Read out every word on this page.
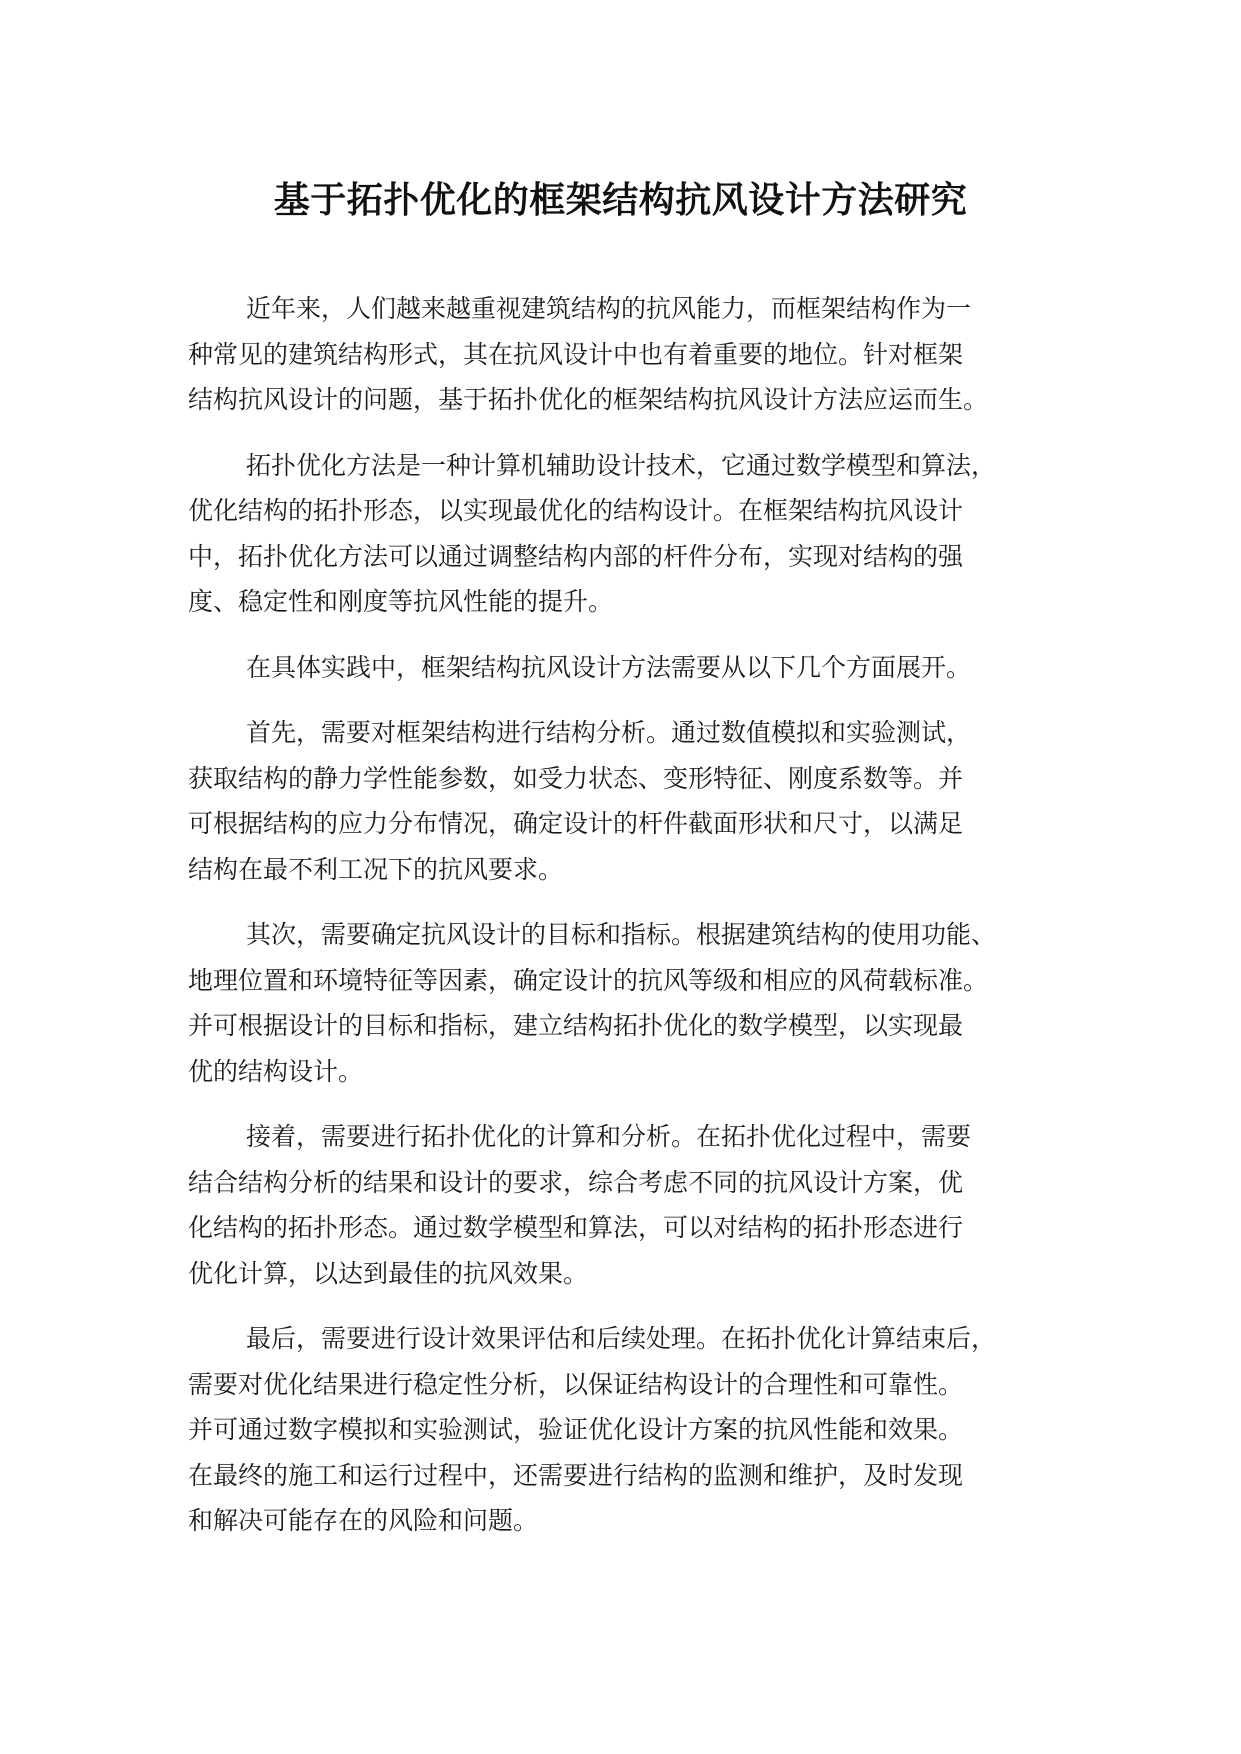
基于拓扑优化的框架结构抗风设计方法研究

近年来，人们越来越重视建筑结构的抗风能力，而框架结构作为一
种常见的建筑结构形式，其在抗风设计中也有着重要的地位。针对框架
结构抗风设计的问题，基于拓扑优化的框架结构抗风设计方法应运而生。

拓扑优化方法是一种计算机辅助设计技术，它通过数学模型和算法，
优化结构的拓扑形态，以实现最优化的结构设计。在框架结构抗风设计
中，拓扑优化方法可以通过调整结构内部的杆件分布，实现对结构的强
度、稳定性和刚度等抗风性能的提升。

在具体实践中，框架结构抗风设计方法需要从以下几个方面展开。

首先，需要对框架结构进行结构分析。通过数值模拟和实验测试，
获取结构的静力学性能参数，如受力状态、变形特征、刚度系数等。并
可根据结构的应力分布情况，确定设计的杆件截面形状和尺寸，以满足
结构在最不利工况下的抗风要求。

其次，需要确定抗风设计的目标和指标。根据建筑结构的使用功能、
地理位置和环境特征等因素，确定设计的抗风等级和相应的风荷载标准。
并可根据设计的目标和指标，建立结构拓扑优化的数学模型，以实现最
优的结构设计。

接着，需要进行拓扑优化的计算和分析。在拓扑优化过程中，需要
结合结构分析的结果和设计的要求，综合考虑不同的抗风设计方案，优
化结构的拓扑形态。通过数学模型和算法，可以对结构的拓扑形态进行
优化计算，以达到最佳的抗风效果。

最后，需要进行设计效果评估和后续处理。在拓扑优化计算结束后，
需要对优化结果进行稳定性分析，以保证结构设计的合理性和可靠性。
并可通过数字模拟和实验测试，验证优化设计方案的抗风性能和效果。
在最终的施工和运行过程中，还需要进行结构的监测和维护，及时发现
和解决可能存在的风险和问题。
